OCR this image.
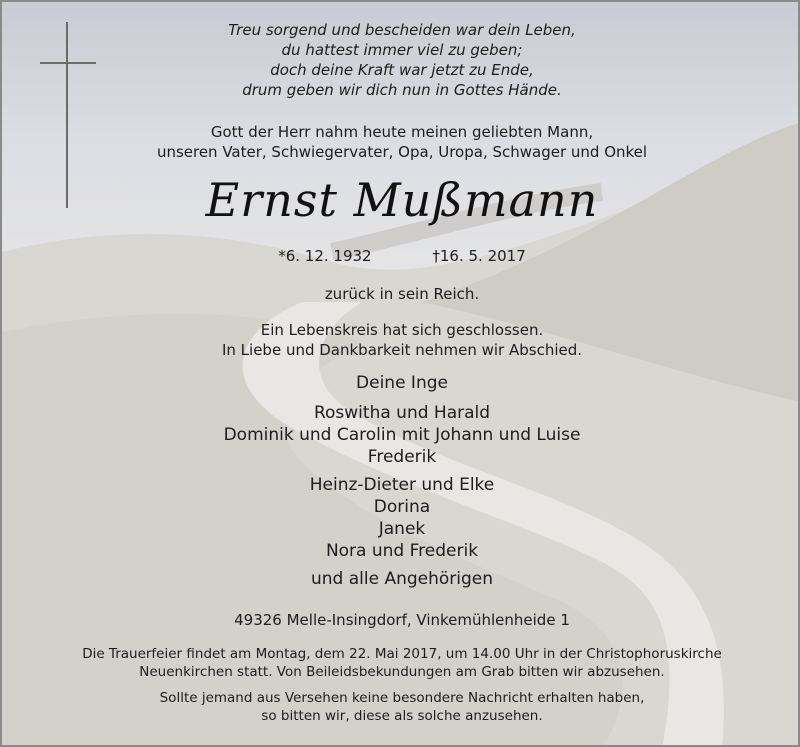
Treu sorgend und bescheiden war dein Leben,
du hattest immer viel zu geben;
doch deine Kraft war jetzt zu Ende,
drum geben wir dich nun in Gottes Hände.
Gott der Herr nahm heute meinen geliebten Mann,
unseren Vater, Schwiegervater, Opa, Uropa, Schwager und Onkel
Ernst Mußmann
*6. 12. 1932	†16. 5. 2017
zurück in sein Reich.
Ein Lebenskreis hat sich geschlossen.
In Liebe und Dankbarkeit nehmen wir Abschied.
Deine Inge
Roswitha und Harald
Dominik und Carolin mit Johann und Luise
Frederik
Heinz-Dieter und Elke
Dorina
Janek
Nora und Frederik
und alle Angehörigen
49326 Melle-Insingdorf, Vinkemühlenheide 1
Die Trauerfeier findet am Montag, dem 22. Mai 2017, um 14.00 Uhr in der Christophoruskirche
Neuenkirchen statt. Von Beileidsbekundungen am Grab bitten wir abzusehen.
Sollte jemand aus Versehen keine besondere Nachricht erhalten haben,
so bitten wir, diese als solche anzusehen.
